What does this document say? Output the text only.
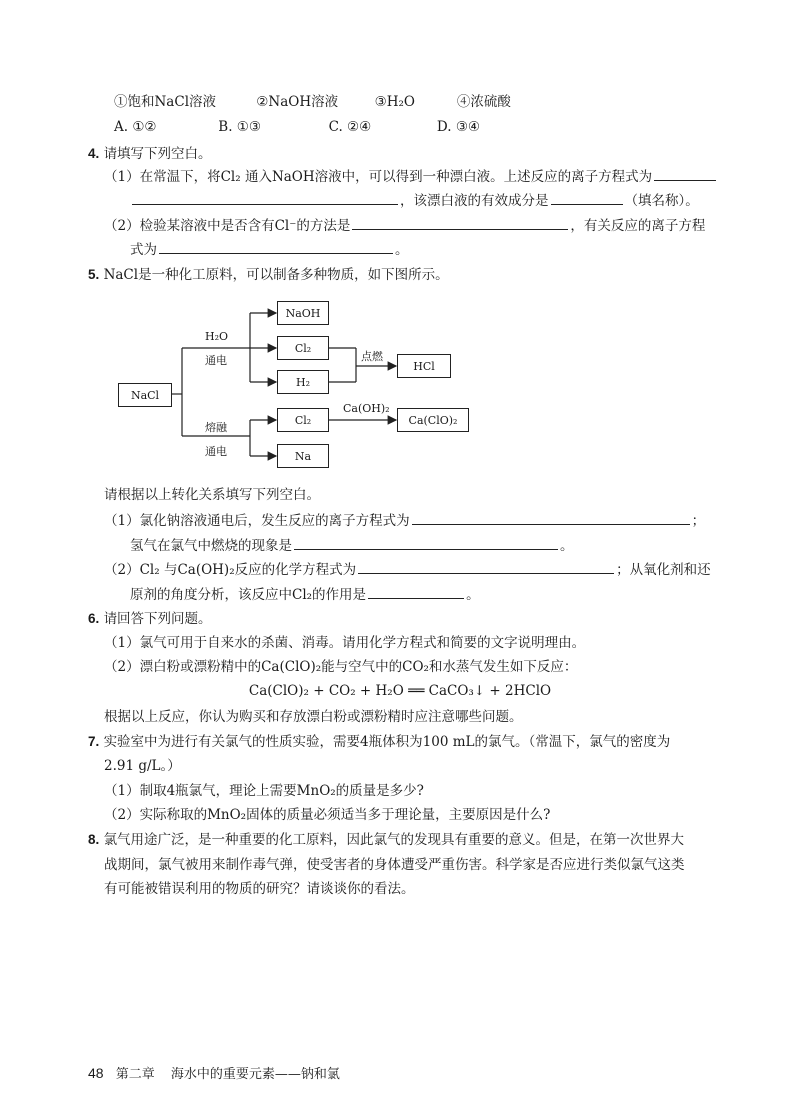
①饱和NaCl溶液	②NaOH溶液	③H₂O	④浓硫酸
A. ①②	B. ①③	C. ②④	D. ③④
4. 请填写下列空白。
（1）在常温下，将Cl₂ 通入NaOH溶液中，可以得到一种漂白液。上述反应的离子方程式为
，该漂白液的有效成分是	（填名称）。
（2）检验某溶液中是否含有Cl⁻的方法是	，有关反应的离子方程
式为	。
5. NaCl是一种化工原料，可以制备多种物质，如下图所示。
NaCl
NaOH
Cl₂
H₂
HCl
Cl₂	Ca(ClO)₂
Na
H₂O
通电	点燃
熔融
通电
Ca(OH)₂
请根据以上转化关系填写下列空白。
（1）氯化钠溶液通电后，发生反应的离子方程式为	；
氢气在氯气中燃烧的现象是	。
（2）Cl₂ 与Ca(OH)₂反应的化学方程式为	；从氧化剂和还
原剂的角度分析，该反应中Cl₂的作用是	。
6. 请回答下列问题。
（1）氯气可用于自来水的杀菌、消毒。请用化学方程式和简要的文字说明理由。
（2）漂白粉或漂粉精中的Ca(ClO)₂能与空气中的CO₂和水蒸气发生如下反应：
Ca(ClO)₂ + CO₂ + H₂O ══ CaCO₃↓ + 2HClO
根据以上反应，你认为购买和存放漂白粉或漂粉精时应注意哪些问题。
7. 实验室中为进行有关氯气的性质实验，需要4瓶体积为100 mL的氯气。（常温下，氯气的密度为
2.91 g/L。）
（1）制取4瓶氯气，理论上需要MnO₂的质量是多少?
（2）实际称取的MnO₂固体的质量必须适当多于理论量，主要原因是什么?
8. 氯气用途广泛，是一种重要的化工原料，因此氯气的发现具有重要的意义。但是，在第一次世界大
战期间，氯气被用来制作毒气弹，使受害者的身体遭受严重伤害。科学家是否应进行类似氯气这类
有可能被错误利用的物质的研究？请谈谈你的看法。
48 第二章 海水中的重要元素——钠和氯
